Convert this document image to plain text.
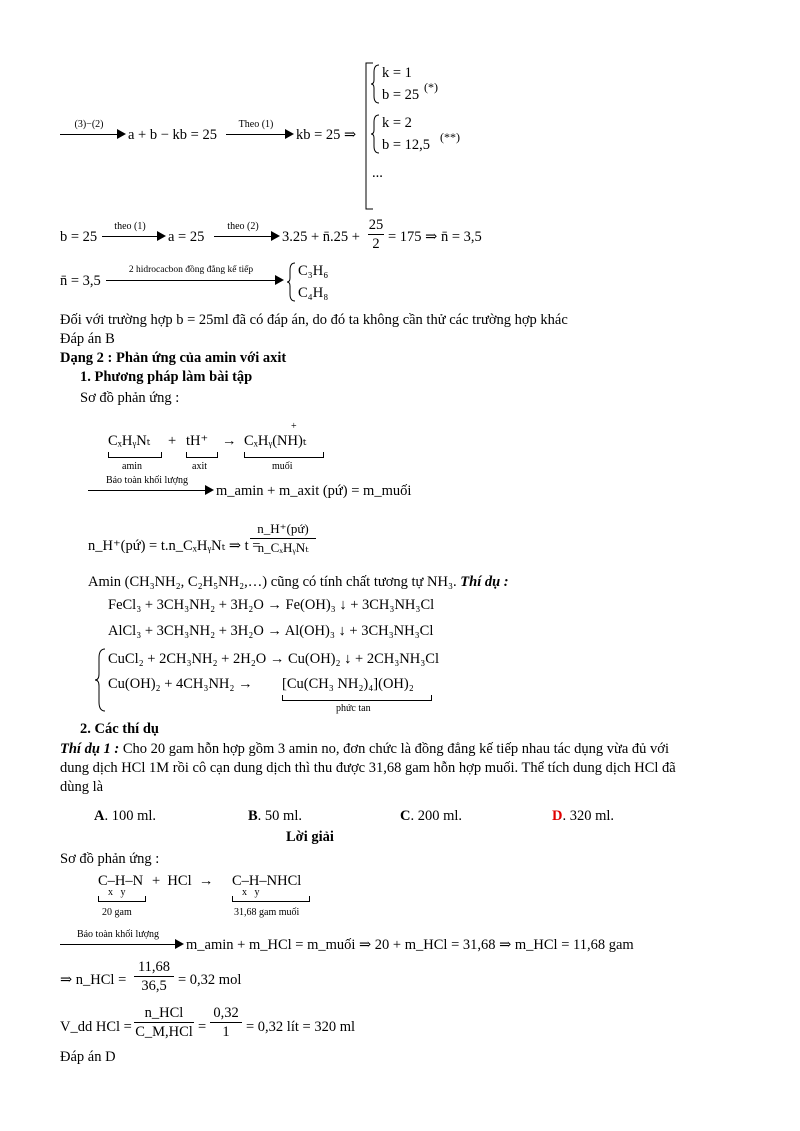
(3)−(2)
a + b − kb = 25
Theo (1)
kb = 25 ⇒
k = 1
b = 25 (*)
k = 2
b = 12,5 (**)
...
b = 25
theo (1)
a = 25
theo (2)
3.25 + n̄.25 + $\frac{25}{2} = 175$ ⇒ n̄ = 3,5
n̄ = 3,5
2 hidrocacbon đồng đẳng kế tiếp	C₃H₆
C₄H₈
Đối với trường hợp b = 25ml đã có đáp án, do đó ta không cần thử các trường hợp khác
Đáp án B
Dạng 2 : Phản ứng của amin với axit
1. Phương pháp làm bài tập
Sơ đồ phản ứng :
CₓHᵧNₜ
amin
+ tH⁺
axit
→
+
CₓHᵧ(NH)ₜ
muối
Bảo toàn khối lượng
m_amin + m_axit (pứ) = m_muối
n_H⁺(pứ) = t.n_CₓHᵧNₜ ⇒ t =
n_H⁺(pứ)
n_CₓHᵧNₜ
Amin (CH₃NH₂, C₂H₅NH₂,…) cũng có tính chất tương tự NH₃. Thí dụ :
FeCl₃ + 3CH₃NH₂ + 3H₂O → Fe(OH)₃ ↓ + 3CH₃NH₃Cl
AlCl₃ + 3CH₃NH₂ + 3H₂O → Al(OH)₃ ↓ + 3CH₃NH₃Cl
CuCl₂ + 2CH₃NH₂ + 2H₂O → Cu(OH)₂ ↓ + 2CH₃NH₃Cl
Cu(OH)₂ + 4CH₃NH₂ → [Cu(CH₃ NH₂)₄](OH)₂
phức tan
2. Các thí dụ
Thí dụ 1 : Cho 20 gam hỗn hợp gồm 3 amin no, đơn chức là đồng đẳng kế tiếp nhau tác dụng vừa đủ với
dung dịch HCl 1M rồi cô cạn dung dịch thì thu được 31,68 gam hỗn hợp muối. Thể tích dung dịch HCl đã
dùng là
A. 100 ml.	B. 50 ml.	C. 200 ml.	D. 320 ml.
Lời giải
Sơ đồ phản ứng :
C‒H‒N
x   y
20 gam
+  HCl  → C‒H‒NHCl
x   y
31,68 gam muối
Bảo toàn khối lượng
m_amin + m_HCl = m_muối ⇒ 20 + m_HCl = 31,68 ⇒ m_HCl = 11,68 gam
⇒ n_HCl = $\frac{11,68}{36,5} = 0,32$ mol
V_dd HCl =
n_HCl
C_M,HCl = $\frac{0,32}{1} = 0,32$ lít = 320 ml
Đáp án D
